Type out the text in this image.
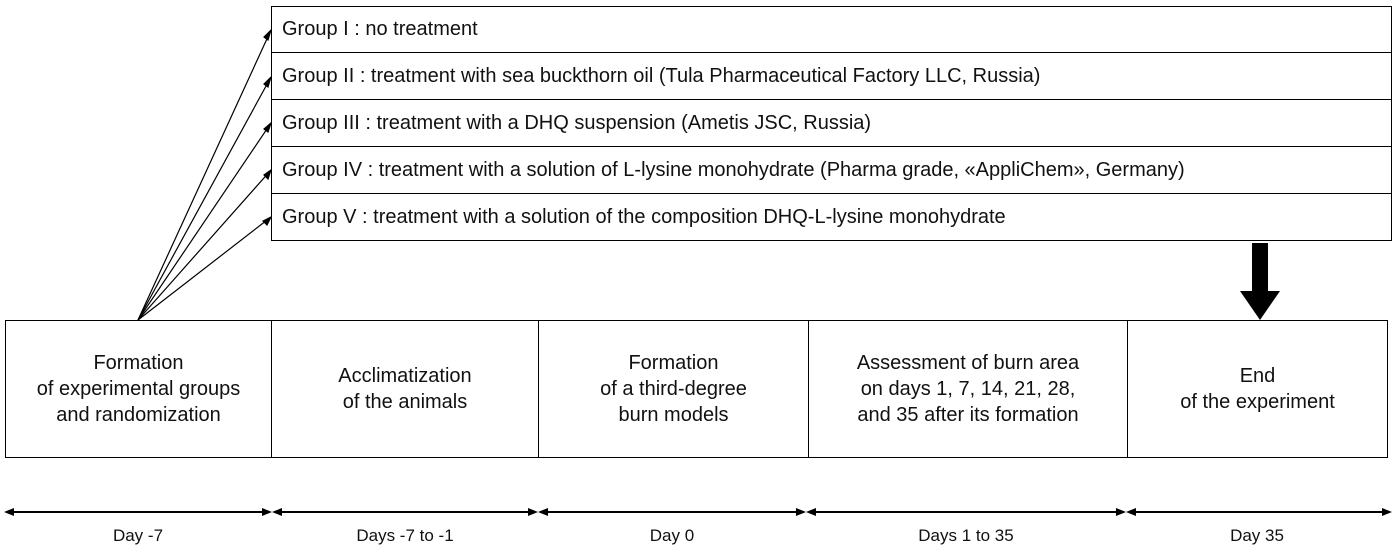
Group I : no treatment
Group II : treatment with sea buckthorn oil (Tula Pharmaceutical Factory LLC, Russia)
Group III : treatment with a DHQ suspension (Ametis JSC, Russia)
Group IV : treatment with a solution of L-lysine monohydrate (Pharma grade, «AppliChem», Germany)
Group V : treatment with a solution of the composition DHQ-L-lysine monohydrate
Formation
of experimental groups
and randomization
Acclimatization
of the animals
Formation
of a third-degree
burn models
Assessment of burn area
on days 1, 7, 14, 21, 28,
and 35 after its formation
End
of the experiment
Day -7	Days -7 to -1	Day 0	Days 1 to 35	Day 35
